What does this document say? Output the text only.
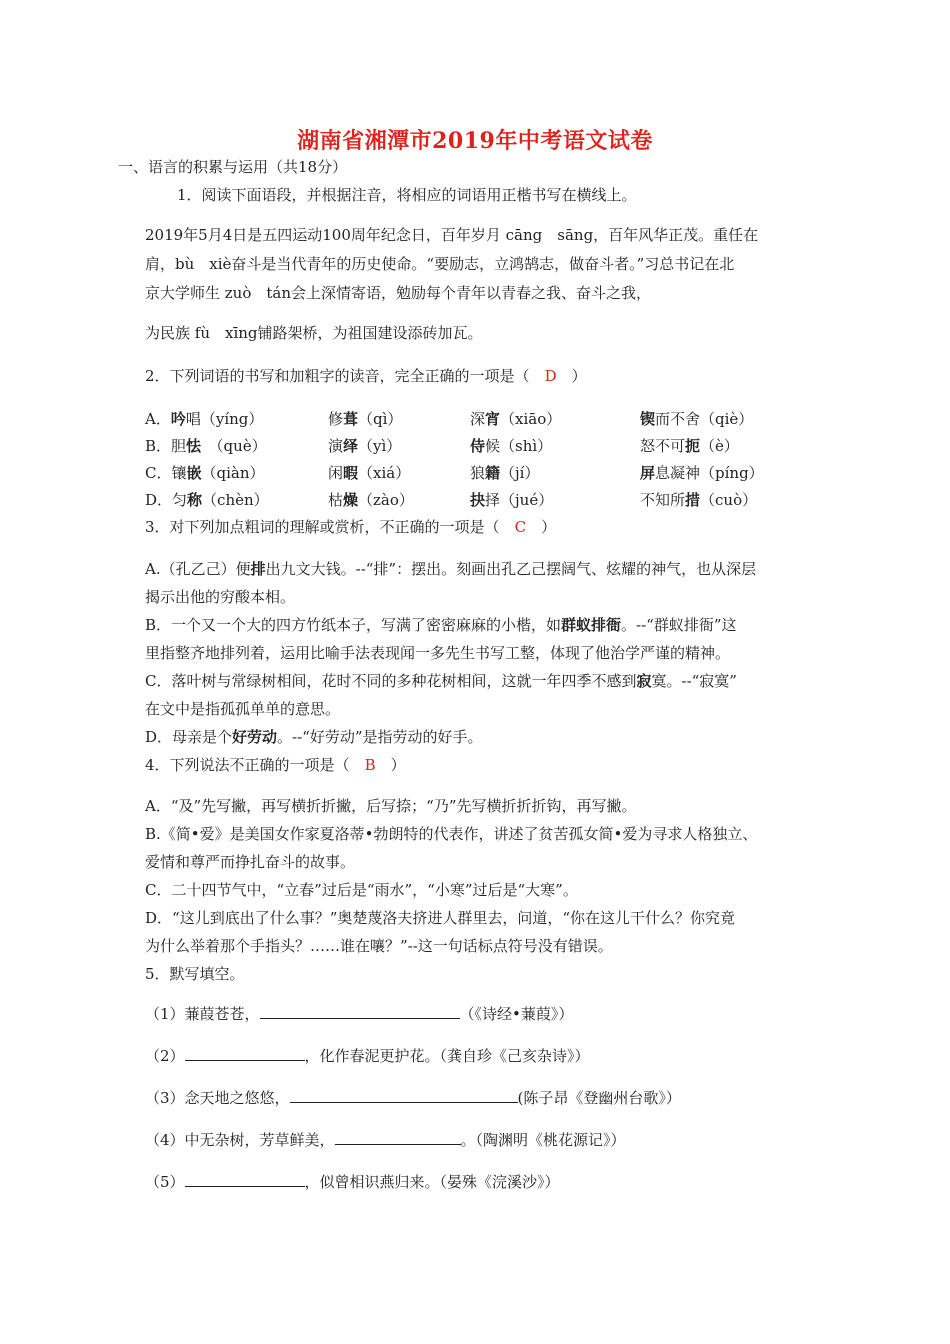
湖南省湘潭市2019年中考语文试卷
一、语言的积累与运用（共18分）
1．阅读下面语段，并根据注音，将相应的词语用正楷书写在横线上。
2019年5月4日是五四运动100周年纪念日，百年岁月 cāng　sāng，百年风华正茂。重任在
肩，bù　xiè奋斗是当代青年的历史使命。“要励志，立鸿鹄志，做奋斗者。”习总书记在北
京大学师生 zuò　tán会上深情寄语，勉励每个青年以青春之我、奋斗之我，
为民族 fù　xīng铺路架桥，为祖国建设添砖加瓦。
2．下列词语的书写和加粗字的读音，完全正确的一项是（　 D　 ）
A．吟唱（yíng）	修葺（qì）	深宵（xiāo）	锲而不舍（qiè）
B．胆怯　（què）	演绎（yì）	侍候（shì）	怒不可扼（è）
C．镶嵌（qiàn）	闲暇（xiá）	狼籍（jí）	屏息凝神（píng）
D．匀称（chèn）	枯燥（zào）	抉择（jué）	不知所措（cuò）
3．对下列加点粗词的理解或赏析，不正确的一项是（　 C　 ）
A.（孔乙己）便排出九文大钱。--“排”：摆出。刻画出孔乙己摆阔气、炫耀的神气，也从深层
揭示出他的穷酸本相。
B．一个又一个大的四方竹纸本子，写满了密密麻麻的小楷，如群蚁排衙。--“群蚁排衙”这
里指整齐地排列着，运用比喻手法表现闻一多先生书写工整，体现了他治学严谨的精神。
C．落叶树与常绿树相间，花时不同的多种花树相间，这就一年四季不感到寂寞。--“寂寞”
在文中是指孤孤单单的意思。
D．母亲是个好劳动。--“好劳动”是指劳动的好手。
4．下列说法不正确的一项是（　 B　 ）
A．“及”先写撇，再写横折折撇，后写捺；“乃”先写横折折折钩，再写撇。
B.《简•爱》是美国女作家夏洛蒂•勃朗特的代表作，讲述了贫苦孤女简•爱为寻求人格独立、
爱情和尊严而挣扎奋斗的故事。
C．二十四节气中，“立春”过后是“雨水”，“小寒”过后是“大寒”。
D．“这儿到底出了什么事？”奥楚蔑洛夫挤进人群里去，问道，“你在这儿干什么？你究竟
为什么举着那个手指头？……谁在嚷？”--这一句话标点符号没有错误。
5．默写填空。
（1）蒹葭苍苍，	（《诗经•蒹葭》）
（2）	，化作春泥更护花。（龚自珍《己亥杂诗》）
（3）念天地之悠悠，	(陈子昂《登幽州台歌》）
（4）中无杂树，芳草鲜美，	。（陶渊明《桃花源记》）
（5）	，似曾相识燕归来。（晏殊《浣溪沙》）
